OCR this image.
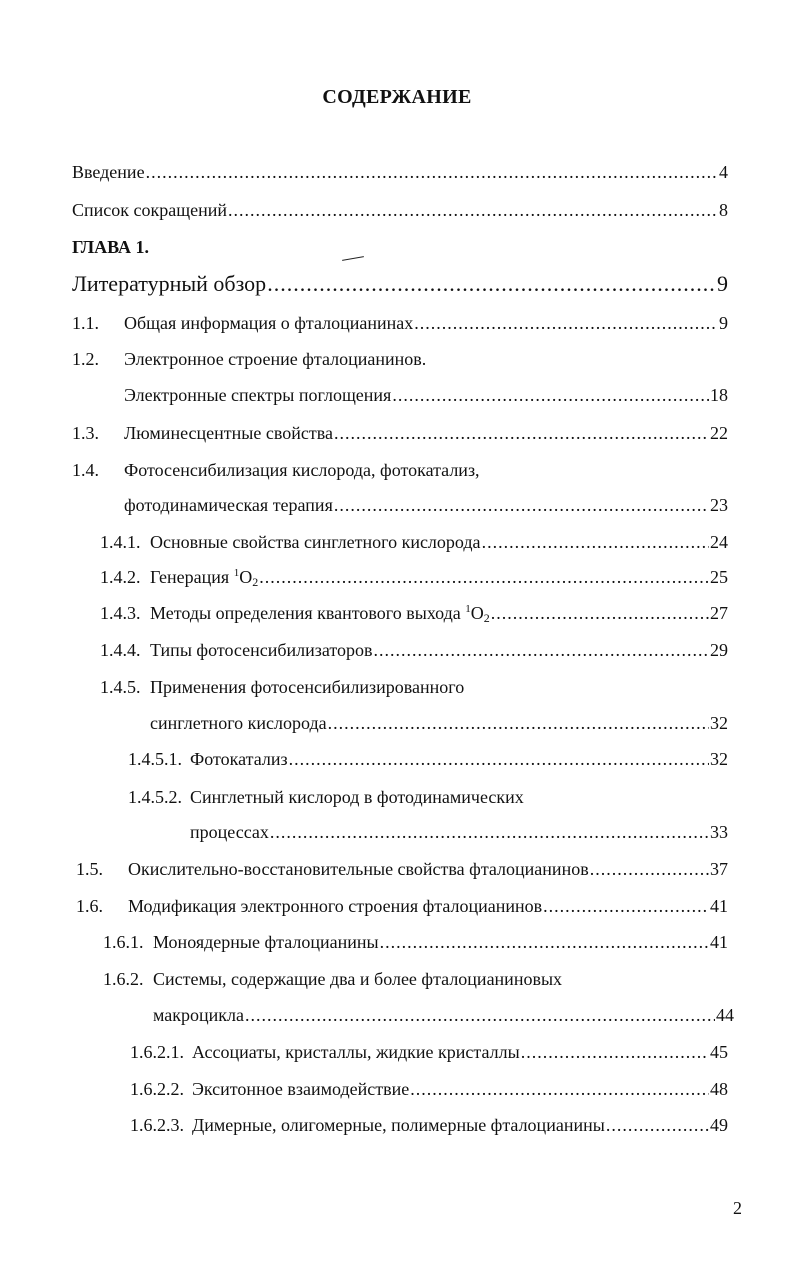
СОДЕРЖАНИЕ
Введение .....	4
Список сокращений .....	8
ГЛАВА 1.
Литературный обзор .....	9
1.1.	Общая информация о фталоцианинах .....	9
1.2. Электронное строение фталоцианинов.
Электронные спектры поглощения .....	18
1.3.	Люминесцентные свойства .....	22
1.4. Фотосенсибилизация кислорода, фотокатализ,
фотодинамическая терапия .....	23
1.4.1. Основные свойства синглетного кислорода .....	24
1.4.2. Генерация $^1O_2$ .....	25
1.4.3. Методы определения квантового выхода $^1O_2$ .....	27
1.4.4. Типы фотосенсибилизаторов .....	29
1.4.5. Применения фотосенсибилизированного
синглетного кислорода .....	32
1.4.5.1. Фотокатализ .....	32
1.4.5.2. Синглетный кислород в фотодинамических
процессах .....	33
1.5.	Окислительно-восстановительные свойства фталоцианинов .....	37
1.6.	Модификация электронного строения фталоцианинов .....	41
1.6.1. Моноядерные фталоцианины .....	41
1.6.2. Системы, содержащие два и более фталоцианиновых
макроцикла .....	44
1.6.2.1. Ассоциаты, кристаллы, жидкие кристаллы .....	45
1.6.2.2. Экситонное взаимодействие .....	48
1.6.2.3. Димерные, олигомерные, полимерные фталоцианины .....	49
2
